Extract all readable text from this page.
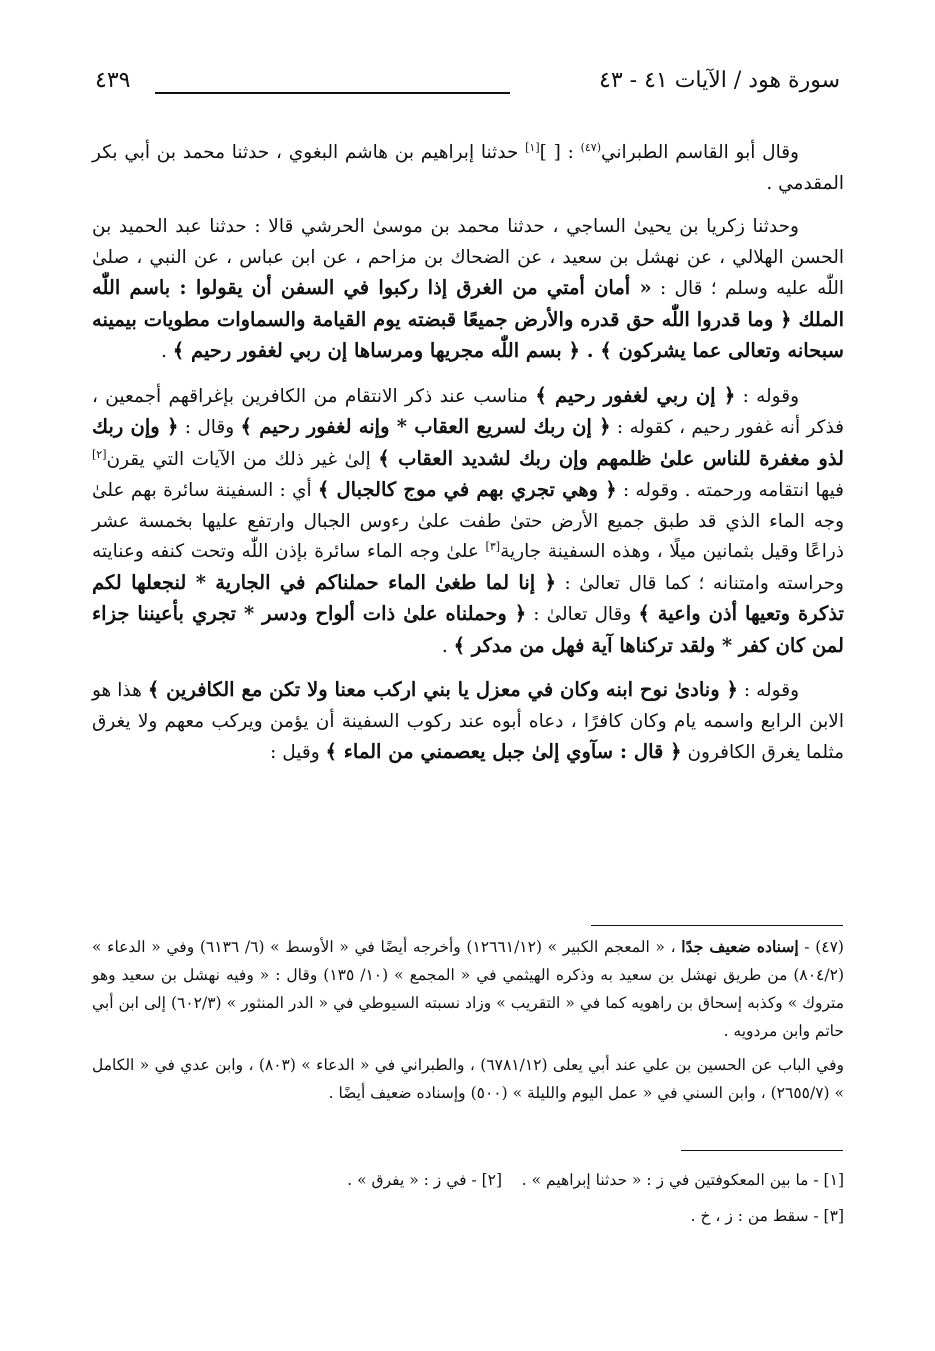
سورة هود / الآيات ٤١ - ٤٣
٤٣٩

وقال أبو القاسم الطبراني$^{(٤٧)}$ : [ ][١] حدثنا إبراهيم بن هاشم البغوي ، حدثنا محمد بن أبي بكر المقدمي .

وحدثنا زكريا بن يحيىٰ الساجي ، حدثنا محمد بن موسىٰ الحرشي قالا : حدثنا عبد الحميد بن الحسن الهلالي ، عن نهشل بن سعيد ، عن الضحاك بن مزاحم ، عن ابن عباس ، عن النبي ، صلىٰ اللّٰه عليه وسلم ؛ قال : « أمان أمتي من الغرق إذا ركبوا في السفن أن يقولوا : باسم اللّٰه الملك ﴿ وما قدروا اللّٰه حق قدره والأرض جميعًا قبضته يوم القيامة والسماوات مطويات بيمينه سبحانه وتعالى عما يشركون ﴾ . ﴿ بسم اللّٰه مجريها ومرساها إن ربي لغفور رحيم ﴾ .

وقوله : ﴿ إن ربي لغفور رحيم ﴾ مناسب عند ذكر الانتقام من الكافرين بإغراقهم أجمعين ، فذكر أنه غفور رحيم ، كقوله : ﴿ إن ربك لسريع العقاب * وإنه لغفور رحيم ﴾ وقال : ﴿ وإن ربك لذو مغفرة للناس علىٰ ظلمهم وإن ربك لشديد العقاب ﴾ إلىٰ غير ذلك من الآيات التي يقرن[٢] فيها انتقامه ورحمته . وقوله : ﴿ وهي تجري بهم في موج كالجبال ﴾ أي : السفينة سائرة بهم علىٰ وجه الماء الذي قد طبق جميع الأرض حتىٰ طفت علىٰ رءوس الجبال وارتفع عليها بخمسة عشر ذراعًا وقيل بثمانين ميلًا ، وهذه السفينة جارية[٣] علىٰ وجه الماء سائرة بإذن اللّٰه وتحت كنفه وعنايته وحراسته وامتنانه ؛ كما قال تعالىٰ : ﴿ إنا لما طغىٰ الماء حملناكم في الجارية * لنجعلها لكم تذكرة وتعيها أذن واعية ﴾ وقال تعالىٰ : ﴿ وحملناه علىٰ ذات ألواح ودسر * تجري بأعيننا جزاء لمن كان كفر * ولقد تركناها آية فهل من مدكر ﴾ .

وقوله : ﴿ ونادىٰ نوح ابنه وكان في معزل يا بني اركب معنا ولا تكن مع الكافرين ﴾ هذا هو الابن الرابع واسمه يام وكان كافرًا ، دعاه أبوه عند ركوب السفينة أن يؤمن ويركب معهم ولا يغرق مثلما يغرق الكافرون ﴿ قال : سآوي إلىٰ جبل يعصمني من الماء ﴾ وقيل :

(٤٧) - إسناده ضعيف جدًا ، « المعجم الكبير » (١٢٦٦١/١٢) وأخرجه أيضًا في « الأوسط » (٦/ ٦١٣٦) وفي « الدعاء » (٨٠٤/٢) من طريق نهشل بن سعيد به وذكره الهيثمي في « المجمع » (١٠/ ١٣٥) وقال : « وفيه نهشل بن سعيد وهو متروك » وكذبه إسحاق بن راهويه كما في « التقريب » وزاد نسبته السيوطي في « الدر المنثور » (٦٠٢/٣) إلى ابن أبي حاتم وابن مردويه .

وفي الباب عن الحسين بن علي عند أبي يعلى (٦٧٨١/١٢) ، والطبراني في « الدعاء » (٨٠٣) ، وابن عدي في « الكامل » (٢٦٥٥/٧) ، وابن السني في « عمل اليوم والليلة » (٥٠٠) وإسناده ضعيف أيضًا .

[١] - ما بين المعكوفتين في ز : « حدثنا إبراهيم » .    [٢] - في ز : « يفرق » .

[٣] - سقط من : ز ، خ .
